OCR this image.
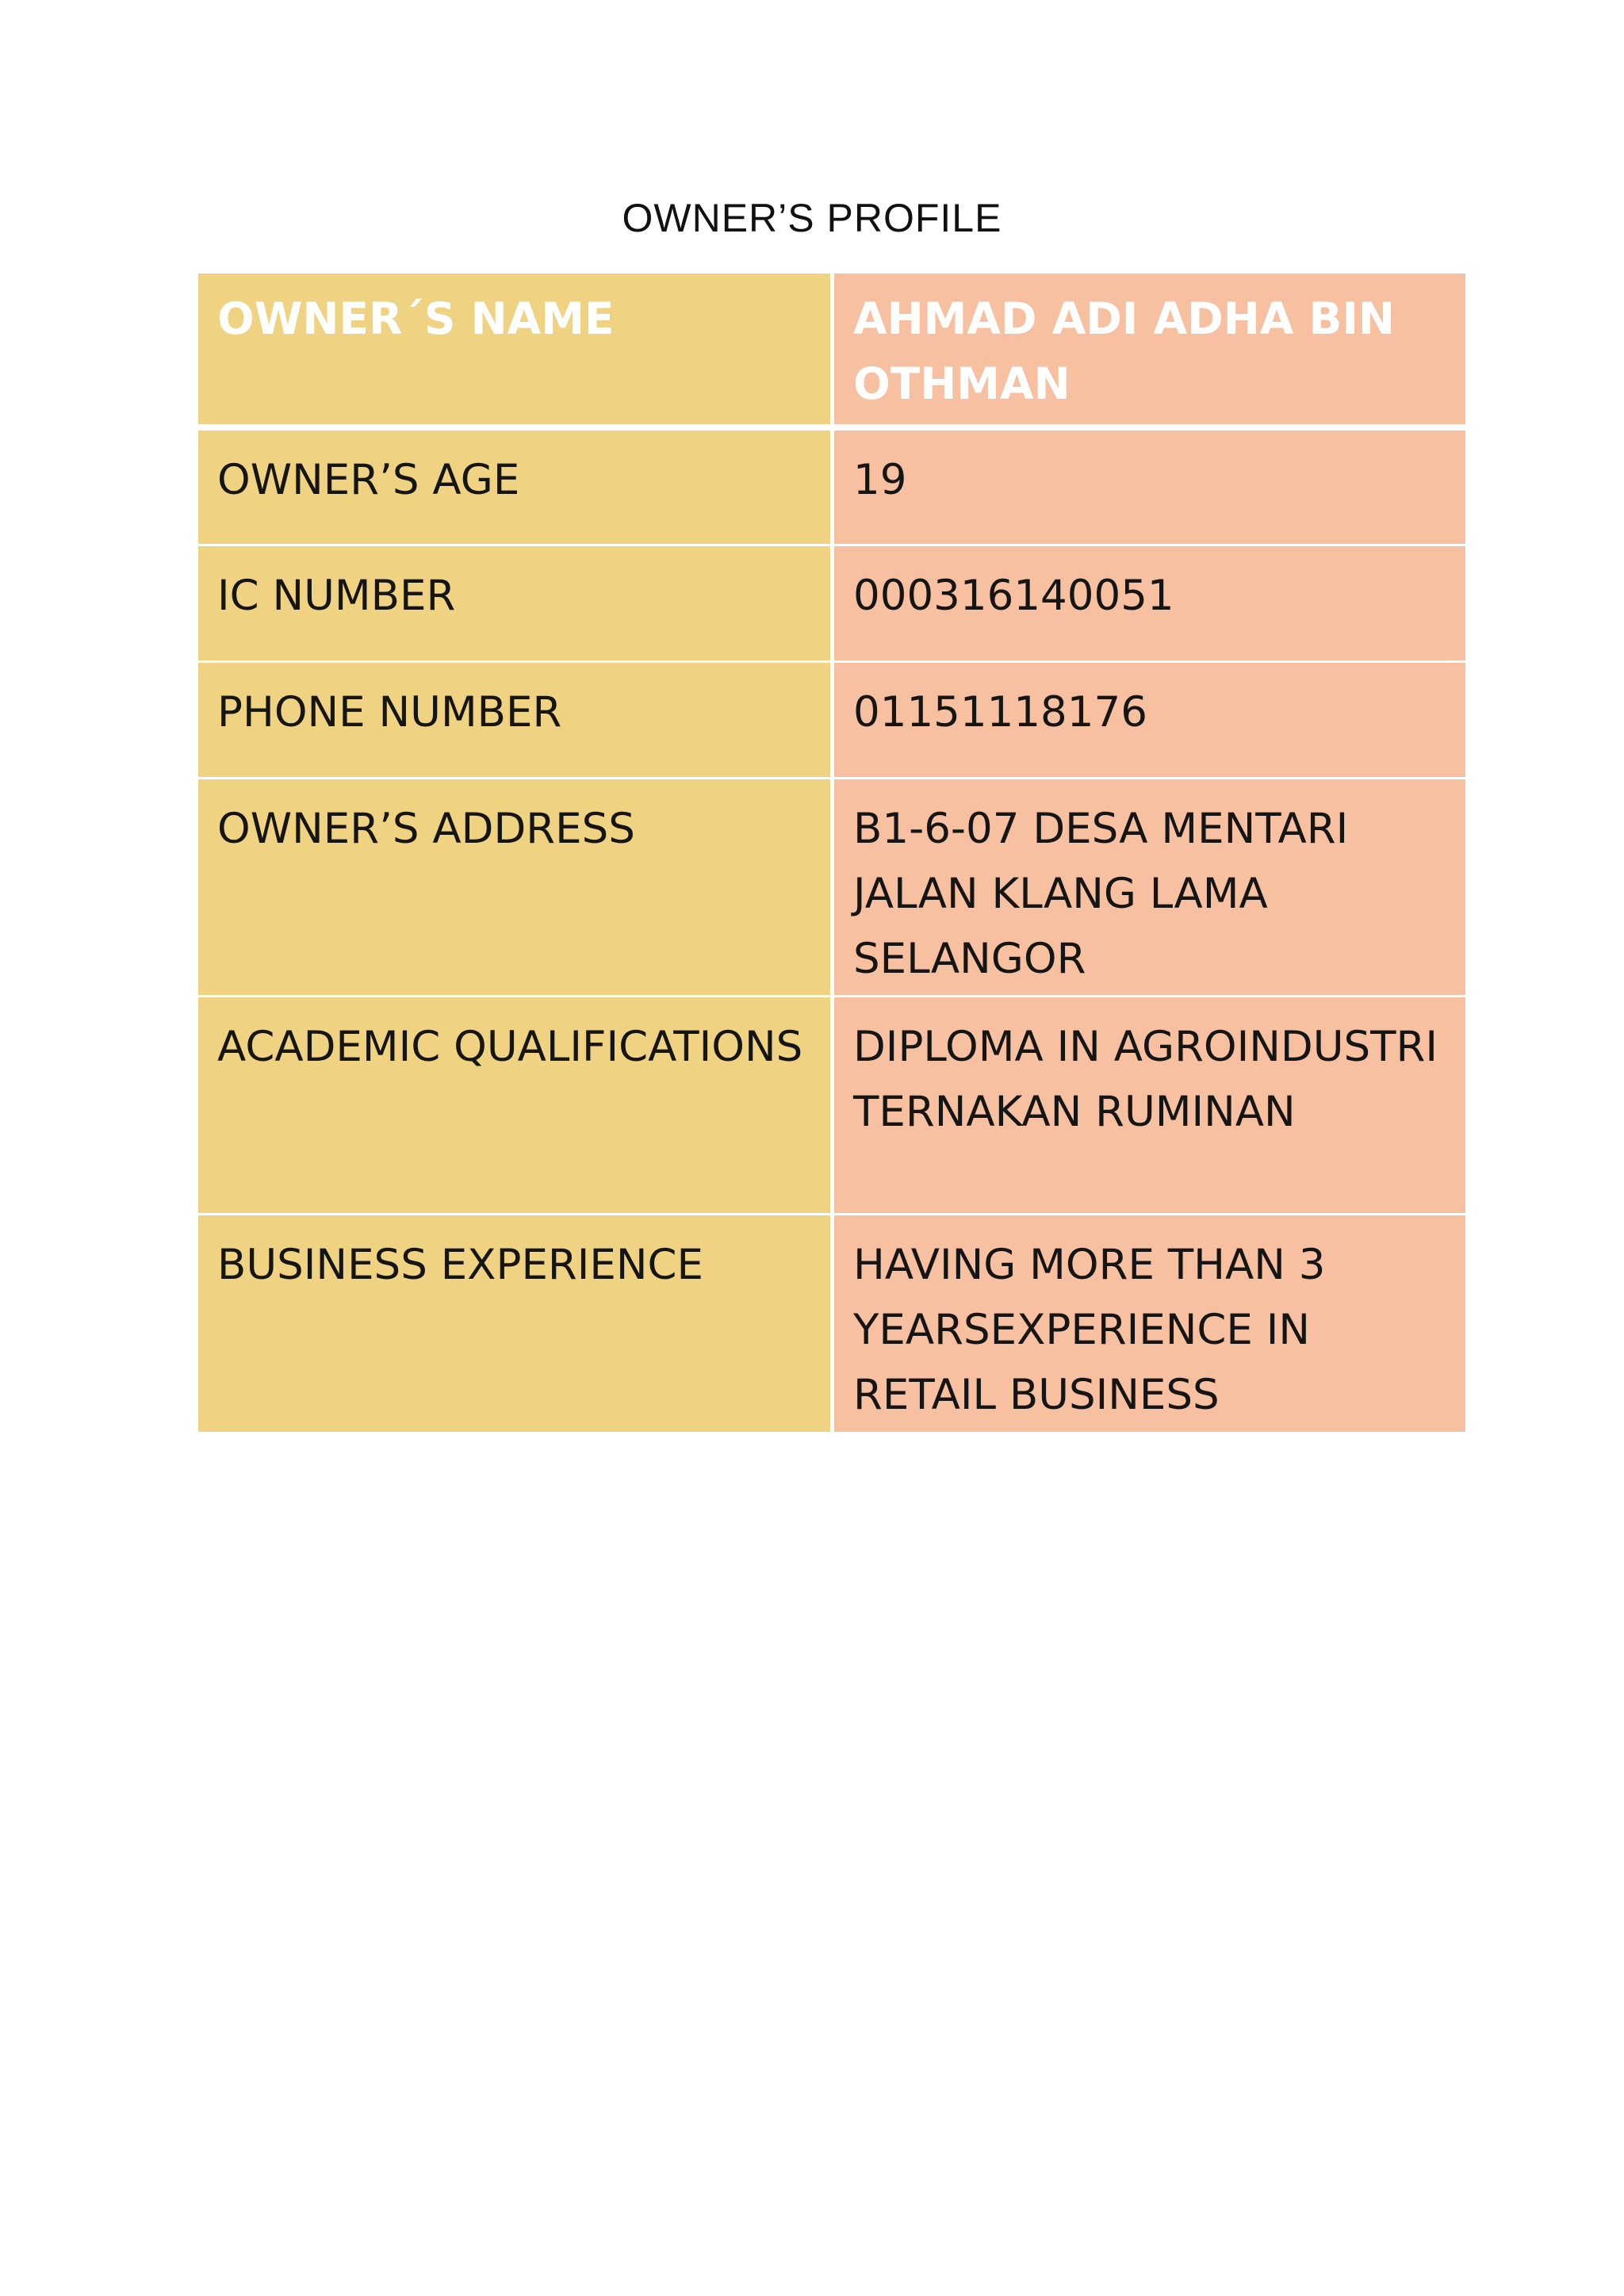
OWNER’S PROFILE
OWNER´S NAME		AHMAD ADI ADHA BIN OTHMAN

OWNER’S AGE		19
IC NUMBER		000316140051
PHONE NUMBER		01151118176
OWNER’S ADDRESS		B1-6-07 DESA MENTARI JALAN KLANG LAMA SELANGOR
ACADEMIC QUALIFICATIONS		DIPLOMA IN AGROINDUSTRI TERNAKAN RUMINAN
BUSINESS EXPERIENCE		HAVING MORE THAN 3 YEARSEXPERIENCE IN RETAIL BUSINESS
